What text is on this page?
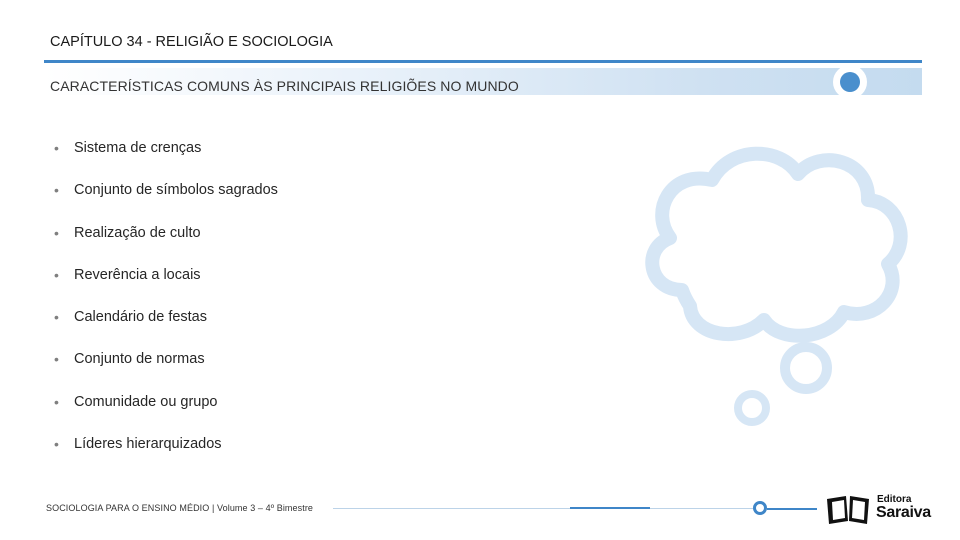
CAPÍTULO 34 - RELIGIÃO E SOCIOLOGIA
CARACTERÍSTICAS COMUNS ÀS PRINCIPAIS RELIGIÕES NO MUNDO
• Sistema de crenças
• Conjunto de símbolos sagrados
• Realização de culto
• Reverência a locais
• Calendário de festas
• Conjunto de normas
• Comunidade ou grupo
• Líderes hierarquizados
SOCIOLOGIA PARA O ENSINO MÉDIO | Volume 3 – 4º Bimestre
Editora
Saraiva
